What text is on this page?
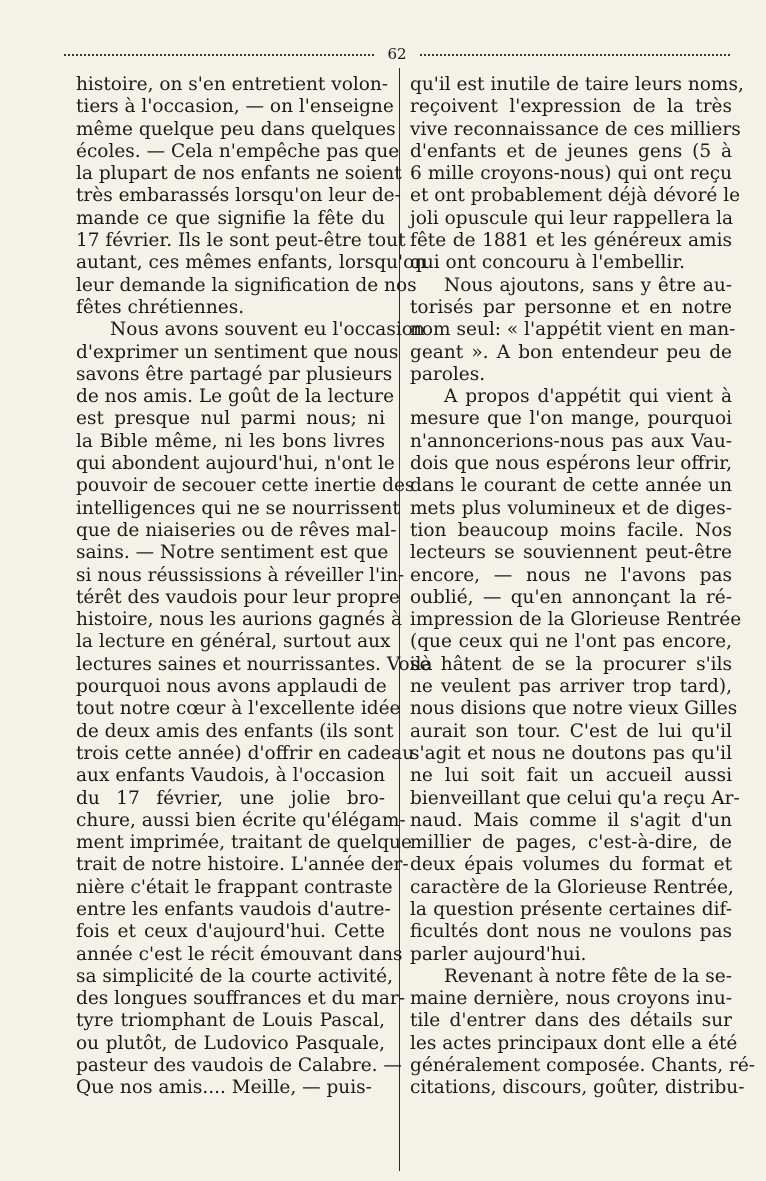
62
histoire, on s'en entretient volon-
tiers à l'occasion, — on l'enseigne
même quelque peu dans quelques
écoles. — Cela n'empêche pas que
la plupart de nos enfants ne soient
très embarassés lorsqu'on leur de-
mande ce que signifie la fête du
17 février. Ils le sont peut-être tout
autant, ces mêmes enfants, lorsqu'on
leur demande la signification de nos
fêtes chrétiennes.
Nous avons souvent eu l'occasion
d'exprimer un sentiment que nous
savons être partagé par plusieurs
de nos amis. Le goût de la lecture
est presque nul parmi nous; ni
la Bible même, ni les bons livres
qui abondent aujourd'hui, n'ont le
pouvoir de secouer cette inertie des
intelligences qui ne se nourrissent
que de niaiseries ou de rêves mal-
sains. — Notre sentiment est que
si nous réussissions à réveiller l'in-
térêt des vaudois pour leur propre
histoire, nous les aurions gagnés à
la lecture en général, surtout aux
lectures saines et nourrissantes. Voilà
pourquoi nous avons applaudi de
tout notre cœur à l'excellente idée
de deux amis des enfants (ils sont
trois cette année) d'offrir en cadeau
aux enfants Vaudois, à l'occasion
du 17 février, une jolie bro-
chure, aussi bien écrite qu'élégam-
ment imprimée, traitant de quelque
trait de notre histoire. L'année der-
nière c'était le frappant contraste
entre les enfants vaudois d'autre-
fois et ceux d'aujourd'hui. Cette
année c'est le récit émouvant dans
sa simplicité de la courte activité,
des longues souffrances et du mar-
tyre triomphant de Louis Pascal,
ou plutôt, de Ludovico Pasquale,
pasteur des vaudois de Calabre. —
Que nos amis.... Meille, — puis-
qu'il est inutile de taire leurs noms,
reçoivent l'expression de la très
vive reconnaissance de ces milliers
d'enfants et de jeunes gens (5 à
6 mille croyons-nous) qui ont reçu
et ont probablement déjà dévoré le
joli opuscule qui leur rappellera la
fête de 1881 et les généreux amis
qui ont concouru à l'embellir.
Nous ajoutons, sans y être au-
torisés par personne et en notre
nom seul: « l'appétit vient en man-
geant ». A bon entendeur peu de
paroles.
A propos d'appétit qui vient à
mesure que l'on mange, pourquoi
n'annoncerions-nous pas aux Vau-
dois que nous espérons leur offrir,
dans le courant de cette année un
mets plus volumineux et de diges-
tion beaucoup moins facile. Nos
lecteurs se souviennent peut-être
encore, — nous ne l'avons pas
oublié, — qu'en annonçant la ré-
impression de la Glorieuse Rentrée
(que ceux qui ne l'ont pas encore,
se hâtent de se la procurer s'ils
ne veulent pas arriver trop tard),
nous disions que notre vieux Gilles
aurait son tour. C'est de lui qu'il
s'agit et nous ne doutons pas qu'il
ne lui soit fait un accueil aussi
bienveillant que celui qu'a reçu Ar-
naud. Mais comme il s'agit d'un
millier de pages, c'est-à-dire, de
deux épais volumes du format et
caractère de la Glorieuse Rentrée,
la question présente certaines dif-
ficultés dont nous ne voulons pas
parler aujourd'hui.
Revenant à notre fête de la se-
maine dernière, nous croyons inu-
tile d'entrer dans des détails sur
les actes principaux dont elle a été
généralement composée. Chants, ré-
citations, discours, goûter, distribu-
